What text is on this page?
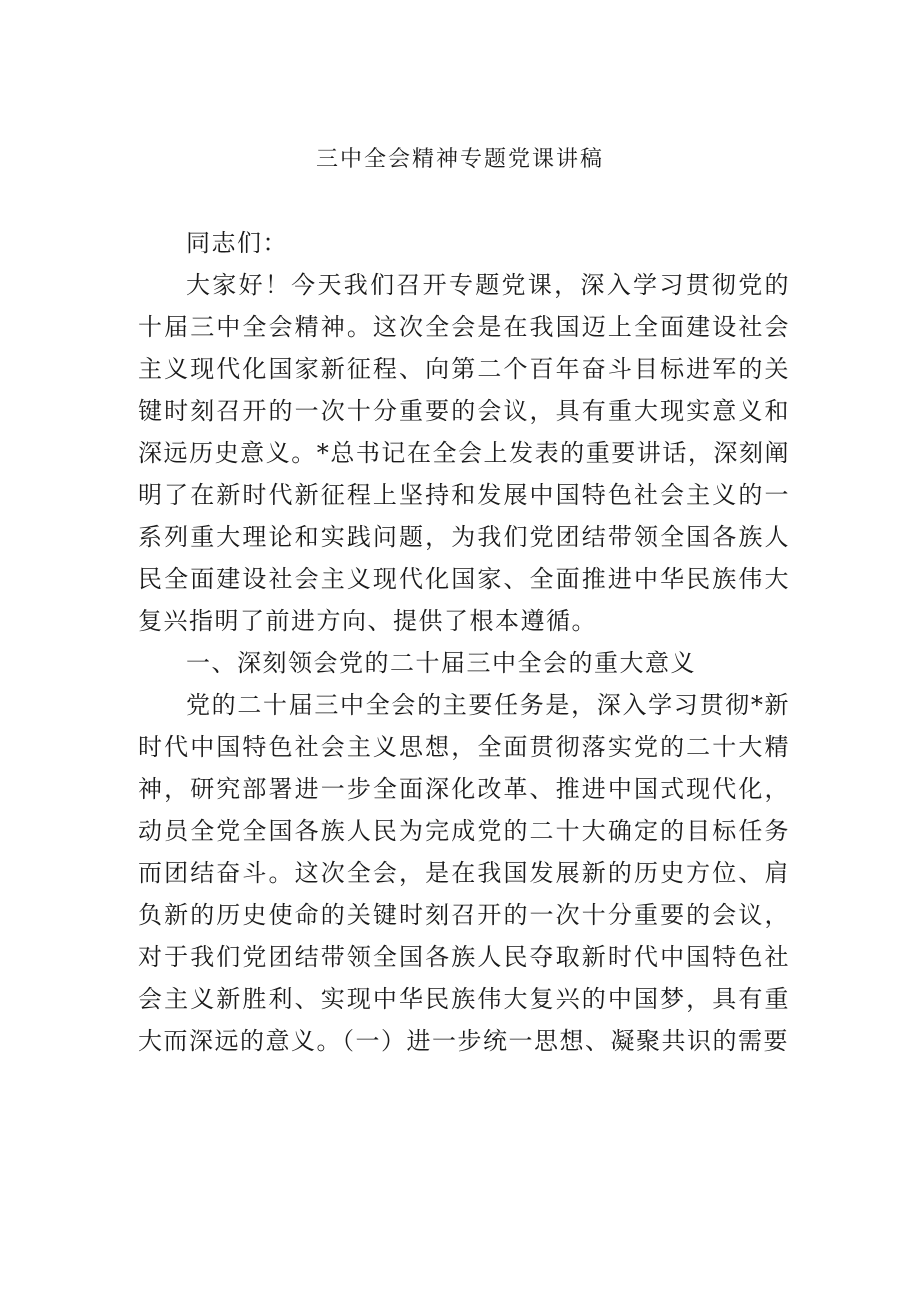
三中全会精神专题党课讲稿

同志们：

大家好！今天我们召开专题党课，深入学习贯彻党的十届三中全会精神。这次全会是在我国迈上全面建设社会主义现代化国家新征程、向第二个百年奋斗目标进军的关键时刻召开的一次十分重要的会议，具有重大现实意义和深远历史意义。*总书记在全会上发表的重要讲话，深刻阐明了在新时代新征程上坚持和发展中国特色社会主义的一系列重大理论和实践问题，为我们党团结带领全国各族人民全面建设社会主义现代化国家、全面推进中华民族伟大复兴指明了前进方向、提供了根本遵循。

一、深刻领会党的二十届三中全会的重大意义

党的二十届三中全会的主要任务是，深入学习贯彻*新时代中国特色社会主义思想，全面贯彻落实党的二十大精神，研究部署进一步全面深化改革、推进中国式现代化，动员全党全国各族人民为完成党的二十大确定的目标任务而团结奋斗。这次全会，是在我国发展新的历史方位、肩负新的历史使命的关键时刻召开的一次十分重要的会议，对于我们党团结带领全国各族人民夺取新时代中国特色社会主义新胜利、实现中华民族伟大复兴的中国梦，具有重大而深远的意义。（一）进一步统一思想、凝聚共识的需要
